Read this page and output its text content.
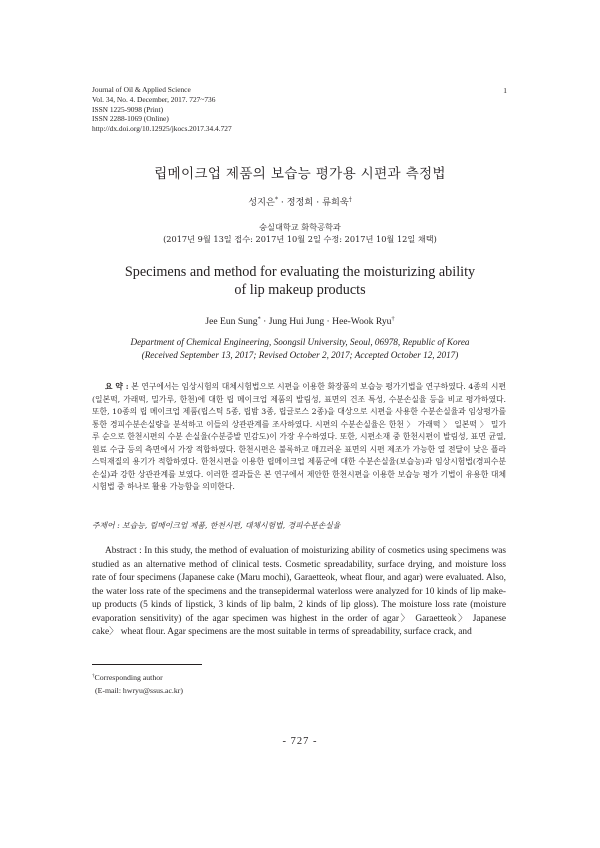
Journal of Oil & Applied Science
Vol. 34, No. 4. December, 2017. 727~736
ISSN 1225-9098 (Print)
ISSN 2288-1069 (Online)
http://dx.doi.org/10.12925/jkocs.2017.34.4.727
1
립메이크업 제품의 보습능 평가용 시편과 측정법
성지은* · 정정희 · 류희욱†
숭실대학교 화학공학과
(2017년 9월 13일 접수: 2017년 10월 2일 수정: 2017년 10월 12일 채택)
Specimens and method for evaluating the moisturizing ability
of lip makeup products
Jee Eun Sung* · Jung Hui Jung · Hee-Wook Ryu†
Department of Chemical Engineering, Soongsil University, Seoul, 06978, Republic of Korea
(Received September 13, 2017; Revised October 2, 2017; Accepted October 12, 2017)
요 약 : 본 연구에서는 임상시험의 대체시험법으로 시편을 이용한 화장품의 보습능 평가기법을 연구하였다. 4종의 시편(일본떡, 가래떡, 밀가루, 한천)에 대한 립 메이크업 제품의 발림성, 표면의 건조 특성, 수분손실율 등을 비교 평가하였다. 또한, 10종의 립 메이크업 제품(립스틱 5종, 립밤 3종, 립글로스 2종)을 대상으로 시편을 사용한 수분손실율과 임상평가를 통한 경피수분손실량을 분석하고 이들의 상관관계를 조사하였다. 시편의 수분손실율은 한천 〉 가래떡 〉 일본떡 〉 밀가루 순으로 한천시편의 수분 손실율(수분증발 민감도)이 가장 우수하였다. 또한, 시편소재 중 한천시편이 발림성, 표면 균열, 원료 수급 등의 측면에서 가장 적합하였다. 한천시편은 불록하고 매끄러운 표면의 시편 제조가 가능한 열 전달이 낮은 플라스틱재질의 용기가 적합하였다. 한천시편을 이용한 립메이크업 제품군에 대한 수분손실율(보습능)과 임상시험법(경피수분손실)과 강한 상관관계를 보였다. 이러한 결과들은 본 연구에서 제안한 한천시편을 이용한 보습능 평가 기법이 유용한 대체시험법 중 하나로 활용 가능함을 의미한다.
주제어 : 보습능, 립메이크업 제품, 한천시편, 대체시험법, 경피수분손실율
Abstract : In this study, the method of evaluation of moisturizing ability of cosmetics using specimens was studied as an alternative method of clinical tests. Cosmetic spreadability, surface drying, and moisture loss rate of four specimens (Japanese cake (Maru mochi), Garaetteok, wheat flour, and agar) were evaluated. Also, the water loss rate of the specimens and the transepidermal waterloss were analyzed for 10 kinds of lip make-up products (5 kinds of lipstick, 3 kinds of lip balm, 2 kinds of lip gloss). The moisture loss rate (moisture evaporation sensitivity) of the agar specimen was highest in the order of agar〉 Garaetteok〉 Japanese cake〉 wheat flour. Agar specimens are the most suitable in terms of spreadability, surface crack, and
†Corresponding author
(E-mail: hwryu@ssus.ac.kr)
- 727 -
